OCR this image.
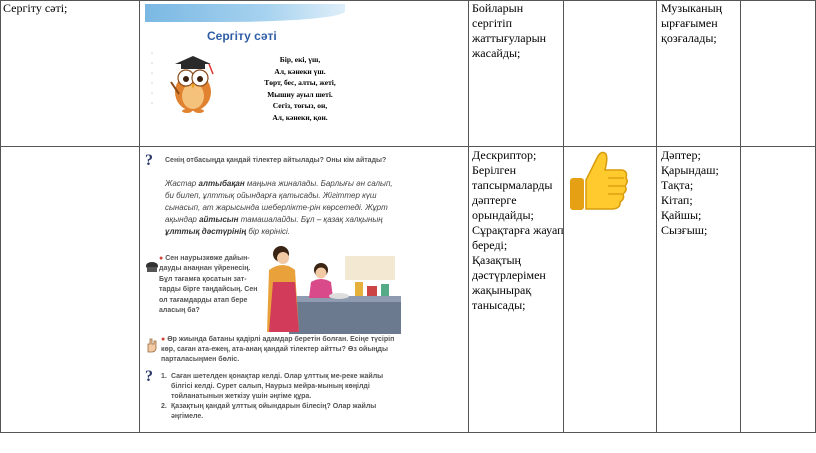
Сергіту сәті;	Бойларын
сергітіп
жаттығуларын
жасайды;
Музыканың
ырғағымен
қозғалады;
Дескриптор;
Берілген
тапсырмаларды
дәптерге
орындайды;
Сұрақтарға жауап
береді;
Қазақтың
дәстүрлерімен
жақынырақ
танысады;
Дәптер;
Қарындаш;
Тақта;
Кітап;
Қайшы;
Сызғыш;
Сергіту сәті
▫
▫
▫
▫
▫
▫
Бір, екі, үш,
Ал, кәнеки үш.
Төрт, бес, алты, жеті,
Мышиу ауыл шеті.
Сегіз, тоғыз, он,
Ал, кәнеки, қон.
? Сенің отбасыңда қандай тілектер айтылады? Оны кім айтады?
Жастар алтыбақан маңына жиналады. Барлығы ән салып, би билеп, ұлттық ойындарға қатысады. Жігіттер күш сынасып, ат жарысында шеберлікте-рін көрсетеді. Жұрт ақындар айтысын тамашалайды. Бұл – қазақ халқының ұлттық дәстүрінің бір көрінісі.
● Сен наурызкөже дайын-дауды анаңнан үйренесің. Бұл тағамға қосатын зат-тарды бірге таңдайсың. Сен ол тағамдарды атап бере аласың ба?
● Өр жиында батаны қадірлі адамдар беретін болған. Есіңе түсіріп көр, саған ата-ежең, ата-анаң қандай тілектер айтты? Өз ойыңды парталасыңмен бөліс.
? 1. Саған шетелден қонақтар келді. Олар ұлттық ме-реке жайлы білгісі келді. Сурет салып, Наурыз мейра-мының көңілді тойланатынын жеткізу үшін әңгіме құра.
2. Қазақтың қандай ұлттық ойындарын білесің? Олар жайлы әңгімеле.
